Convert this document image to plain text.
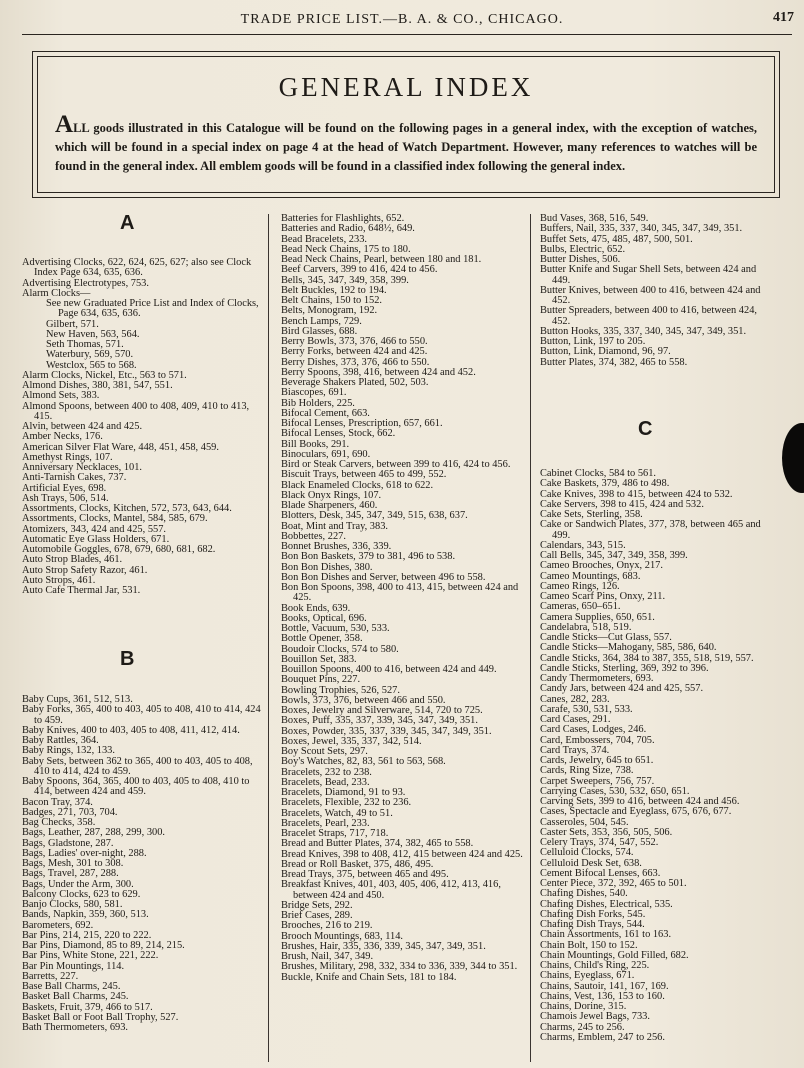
TRADE PRICE LIST.—B. A. & CO., CHICAGO.	417
GENERAL INDEX
ALL goods illustrated in this Catalogue will be found on the following pages in a general index, with the exception of watches, which will be found in a special index on page 4 at the head of Watch Department. However, many references to watches will be found in the general index. All emblem goods will be found in a classified index following the general index.
A
Advertising Clocks, 622, 624, 625, 627; also see Clock Index Page 634, 635, 636.
Advertising Electrotypes, 753.
Alarm Clocks—
See new Graduated Price List and Index of Clocks, Page 634, 635, 636.
Gilbert, 571.
New Haven, 563, 564.
Seth Thomas, 571.
Waterbury, 569, 570.
Westclox, 565 to 568.
Alarm Clocks, Nickel, Etc., 563 to 571.
Almond Dishes, 380, 381, 547, 551.
Almond Sets, 383.
Almond Spoons, between 400 to 408, 409, 410 to 413, 415.
Alvin, between 424 and 425.
Amber Necks, 176.
American Silver Flat Ware, 448, 451, 458, 459.
Amethyst Rings, 107.
Anniversary Necklaces, 101.
Anti-Tarnish Cakes, 737.
Artificial Eyes, 698.
Ash Trays, 506, 514.
Assortments, Clocks, Kitchen, 572, 573, 643, 644.
Assortments, Clocks, Mantel, 584, 585, 679.
Atomizers, 343, 424 and 425, 557.
Automatic Eye Glass Holders, 671.
Automobile Goggles, 678, 679, 680, 681, 682.
Auto Strop Blades, 461.
Auto Strop Safety Razor, 461.
Auto Strops, 461.
Auto Cafe Thermal Jar, 531.
B
Baby Cups, 361, 512, 513.
Baby Forks, 365, 400 to 403, 405 to 408, 410 to 414, 424 to 459.
Baby Knives, 400 to 403, 405 to 408, 411, 412, 414.
Baby Rattles, 364.
Baby Rings, 132, 133.
Baby Sets, between 362 to 365, 400 to 403, 405 to 408, 410 to 414, 424 to 459.
Baby Spoons, 364, 365, 400 to 403, 405 to 408, 410 to 414, between 424 and 459.
Bacon Tray, 374.
Badges, 271, 703, 704.
Bag Checks, 358.
Bags, Leather, 287, 288, 299, 300.
Bags, Gladstone, 287.
Bags, Ladies' over-night, 288.
Bags, Mesh, 301 to 308.
Bags, Travel, 287, 288.
Bags, Under the Arm, 300.
Balcony Clocks, 623 to 629.
Banjo Clocks, 580, 581.
Bands, Napkin, 359, 360, 513.
Barometers, 692.
Bar Pins, 214, 215, 220 to 222.
Bar Pins, Diamond, 85 to 89, 214, 215.
Bar Pins, White Stone, 221, 222.
Bar Pin Mountings, 114.
Barretts, 227.
Base Ball Charms, 245.
Basket Ball Charms, 245.
Baskets, Fruit, 379, 466 to 517.
Basket Ball or Foot Ball Trophy, 527.
Bath Thermometers, 693.
Batteries for Flashlights, 652.
Batteries and Radio, 648½, 649.
Bead Bracelets, 233.
Bead Neck Chains, 175 to 180.
Bead Neck Chains, Pearl, between 180 and 181.
Beef Carvers, 399 to 416, 424 to 456.
Bells, 345, 347, 349, 358, 399.
Belt Buckles, 192 to 194.
Belt Chains, 150 to 152.
Belts, Monogram, 192.
Bench Lamps, 729.
Bird Glasses, 688.
Berry Bowls, 373, 376, 466 to 550.
Berry Forks, between 424 and 425.
Berry Dishes, 373, 376, 466 to 550.
Berry Spoons, 398, 416, between 424 and 452.
Beverage Shakers Plated, 502, 503.
Biascopes, 691.
Bib Holders, 225.
Bifocal Cement, 663.
Bifocal Lenses, Prescription, 657, 661.
Bifocal Lenses, Stock, 662.
Bill Books, 291.
Binoculars, 691, 690.
Bird or Steak Carvers, between 399 to 416, 424 to 456.
Biscuit Trays, between 465 to 499, 552.
Black Enameled Clocks, 618 to 622.
Black Onyx Rings, 107.
Blade Sharpeners, 460.
Blotters, Desk, 345, 347, 349, 515, 638, 637.
Boat, Mint and Tray, 383.
Bobbettes, 227.
Bonnet Brushes, 336, 339.
Bon Bon Baskets, 379 to 381, 496 to 538.
Bon Bon Dishes, 380.
Bon Bon Dishes and Server, between 496 to 558.
Bon Bon Spoons, 398, 400 to 413, 415, between 424 and 425.
Book Ends, 639.
Books, Optical, 696.
Bottle, Vacuum, 530, 533.
Bottle Opener, 358.
Boudoir Clocks, 574 to 580.
Bouillon Set, 383.
Bouillon Spoons, 400 to 416, between 424 and 449.
Bouquet Pins, 227.
Bowling Trophies, 526, 527.
Bowls, 373, 376, between 466 and 550.
Boxes, Jewelry and Silverware, 514, 720 to 725.
Boxes, Puff, 335, 337, 339, 345, 347, 349, 351.
Boxes, Powder, 335, 337, 339, 345, 347, 349, 351.
Boxes, Jewel, 335, 337, 342, 514.
Boy Scout Sets, 297.
Boy's Watches, 82, 83, 561 to 563, 568.
Bracelets, 232 to 238.
Bracelets, Bead, 233.
Bracelets, Diamond, 91 to 93.
Bracelets, Flexible, 232 to 236.
Bracelets, Watch, 49 to 51.
Bracelets, Pearl, 233.
Bracelet Straps, 717, 718.
Bread and Butter Plates, 374, 382, 465 to 558.
Bread Knives, 398 to 408, 412, 415 between 424 and 425.
Bread or Roll Basket, 375, 486, 495.
Bread Trays, 375, between 465 and 495.
Breakfast Knives, 401, 403, 405, 406, 412, 413, 416, between 424 and 450.
Bridge Sets, 292.
Brief Cases, 289.
Brooches, 216 to 219.
Brooch Mountings, 683, 114.
Brushes, Hair, 335, 336, 339, 345, 347, 349, 351.
Brush, Nail, 347, 349.
Brushes, Military, 298, 332, 334 to 336, 339, 344 to 351.
Buckle, Knife and Chain Sets, 181 to 184.
Bud Vases, 368, 516, 549.
Buffers, Nail, 335, 337, 340, 345, 347, 349, 351.
Buffet Sets, 475, 485, 487, 500, 501.
Bulbs, Electric, 652.
Butter Dishes, 506.
Butter Knife and Sugar Shell Sets, between 424 and 449.
Butter Knives, between 400 to 416, between 424 and 452.
Butter Spreaders, between 400 to 416, between 424, 452.
Button Hooks, 335, 337, 340, 345, 347, 349, 351.
Button, Link, 197 to 205.
Button, Link, Diamond, 96, 97.
Butter Plates, 374, 382, 465 to 558.
C
Cabinet Clocks, 584 to 561.
Cake Baskets, 379, 486 to 498.
Cake Knives, 398 to 415, between 424 to 532.
Cake Servers, 398 to 415, 424 and 532.
Cake Sets, Sterling, 358.
Cake or Sandwich Plates, 377, 378, between 465 and 499.
Calendars, 343, 515.
Call Bells, 345, 347, 349, 358, 399.
Cameo Brooches, Onyx, 217.
Cameo Mountings, 683.
Cameo Rings, 126.
Cameo Scarf Pins, Onxy, 211.
Cameras, 650–651.
Camera Supplies, 650, 651.
Candelabra, 518, 519.
Candle Sticks—Cut Glass, 557.
Candle Sticks—Mahogany, 585, 586, 640.
Candle Sticks, 364, 384 to 387, 355, 518, 519, 557.
Candle Sticks, Sterling, 369, 392 to 396.
Candy Thermometers, 693.
Candy Jars, between 424 and 425, 557.
Canes, 282, 283.
Carafe, 530, 531, 533.
Card Cases, 291.
Card Cases, Lodges, 246.
Card, Embossers, 704, 705.
Card Trays, 374.
Cards, Jewelry, 645 to 651.
Cards, Ring Size, 738.
Carpet Sweepers, 756, 757.
Carrying Cases, 530, 532, 650, 651.
Carving Sets, 399 to 416, between 424 and 456.
Cases, Spectacle and Eyeglass, 675, 676, 677.
Casseroles, 504, 545.
Caster Sets, 353, 356, 505, 506.
Celery Trays, 374, 547, 552.
Celluloid Clocks, 574.
Celluloid Desk Set, 638.
Cement Bifocal Lenses, 663.
Center Piece, 372, 392, 465 to 501.
Chafing Dishes, 540.
Chafing Dishes, Electrical, 535.
Chafing Dish Forks, 545.
Chafing Dish Trays, 544.
Chain Assortments, 161 to 163.
Chain Bolt, 150 to 152.
Chain Mountings, Gold Filled, 682.
Chains, Child's Ring, 225.
Chains, Eyeglass, 671.
Chains, Sautoir, 141, 167, 169.
Chains, Vest, 136, 153 to 160.
Chains, Dorine, 315.
Chamois Jewel Bags, 733.
Charms, 245 to 256.
Charms, Emblem, 247 to 256.
